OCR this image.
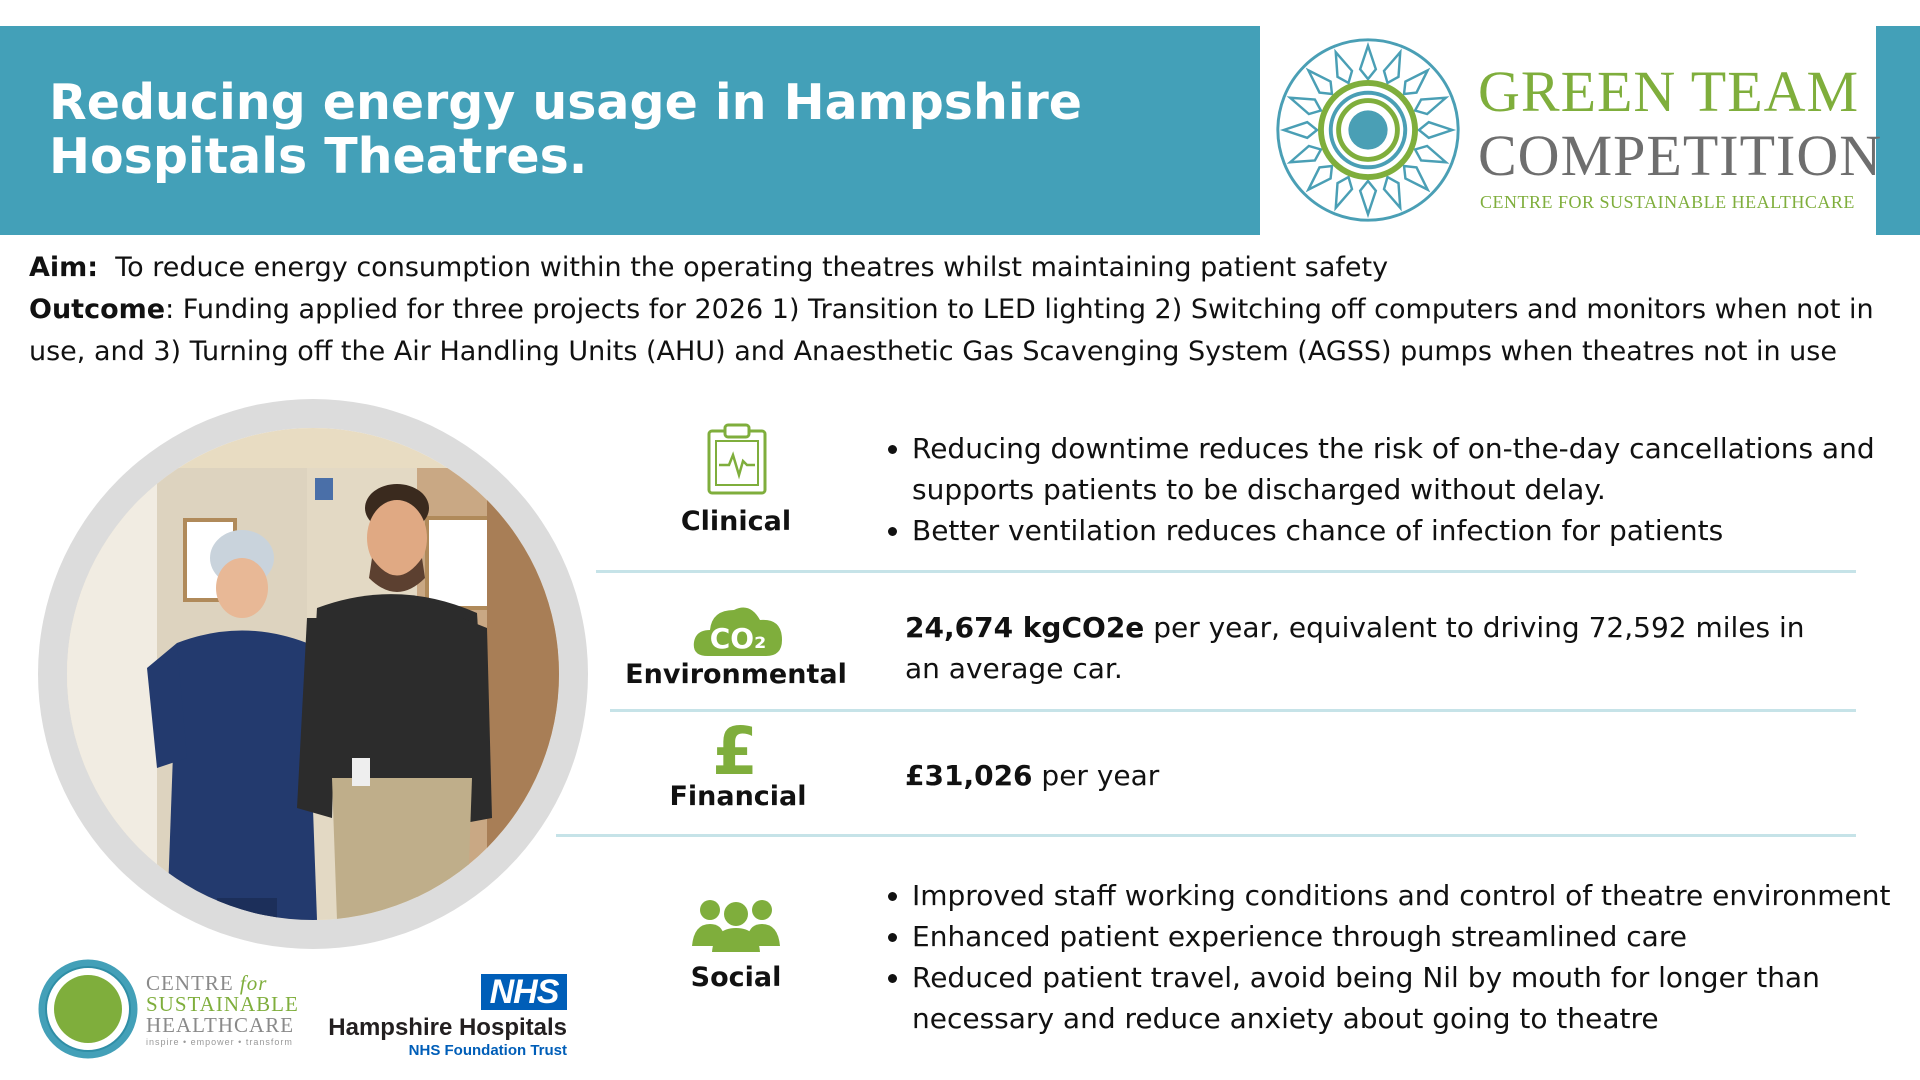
Reducing energy usage in Hampshire
Hospitals Theatres.
GREEN TEAM
COMPETITION
CENTRE FOR SUSTAINABLE HEALTHCARE
Aim: To reduce energy consumption within the operating theatres whilst maintaining patient safety
Outcome: Funding applied for three projects for 2026 1) Transition to LED lighting 2) Switching off computers and monitors when not in use, and 3) Turning off the Air Handling Units (AHU) and Anaesthetic Gas Scavenging System (AGSS) pumps when theatres not in use
Clinical
• Reducing downtime reduces the risk of on-the-day cancellations and supports patients to be discharged without delay.
• Better ventilation reduces chance of infection for patients
CO₂
Environmental
24,674 kgCO2e per year, equivalent to driving 72,592 miles in an average car.
£
Financial
£31,026 per year
Social
• Improved staff working conditions and control of theatre environment
• Enhanced patient experience through streamlined care
• Reduced patient travel, avoid being Nil by mouth for longer than necessary and reduce anxiety about going to theatre
CENTRE for
SUSTAINABLE
HEALTHCARE
inspire • empower • transform
NHS
Hampshire Hospitals
NHS Foundation Trust
